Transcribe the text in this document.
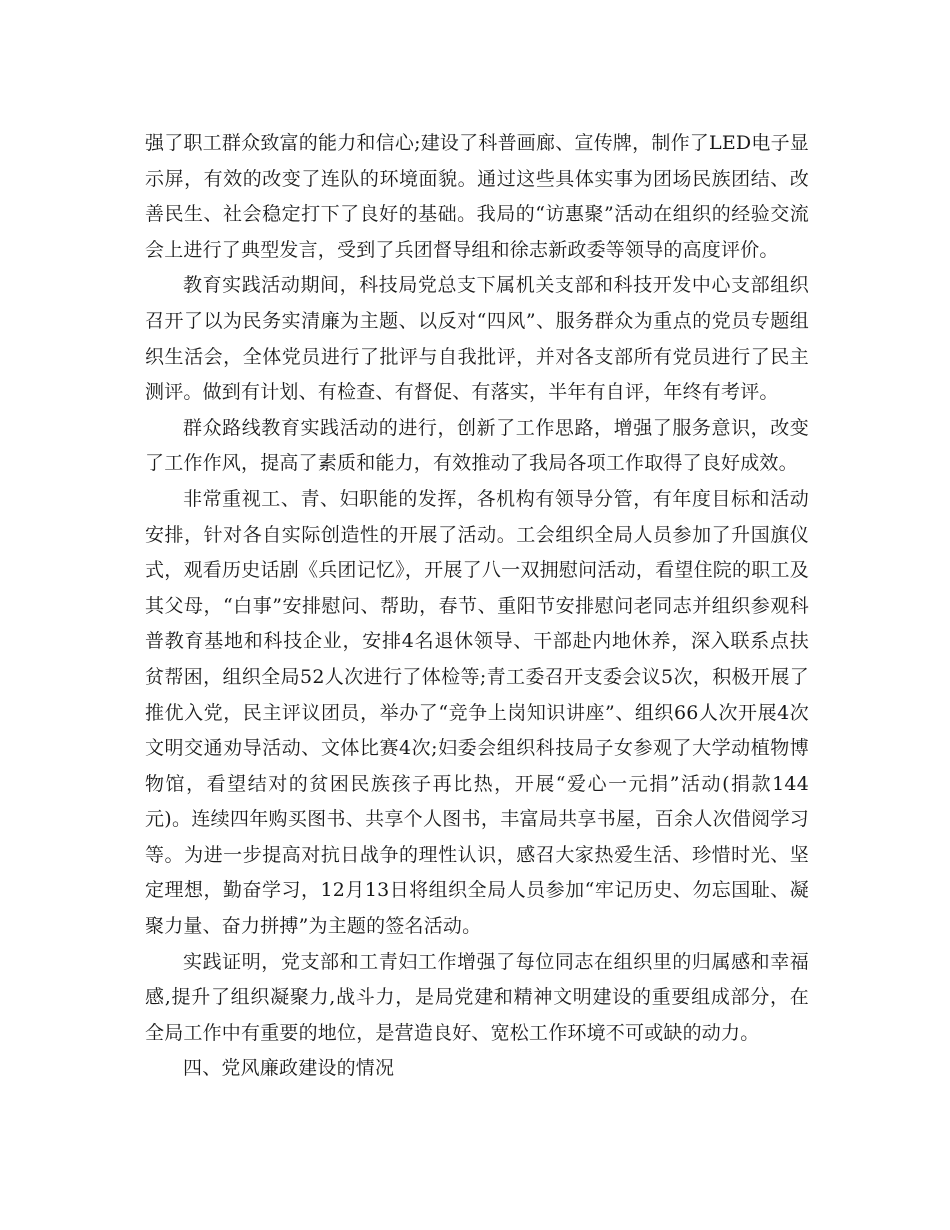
强了职工群众致富的能力和信心;建设了科普画廊、宣传牌，制作了LED电子显示屏，有效的改变了连队的环境面貌。通过这些具体实事为团场民族团结、改善民生、社会稳定打下了良好的基础。我局的“访惠聚”活动在组织的经验交流会上进行了典型发言，受到了兵团督导组和徐志新政委等领导的高度评价。

教育实践活动期间，科技局党总支下属机关支部和科技开发中心支部组织召开了以为民务实清廉为主题、以反对“四风”、服务群众为重点的党员专题组织生活会，全体党员进行了批评与自我批评，并对各支部所有党员进行了民主测评。做到有计划、有检查、有督促、有落实，半年有自评，年终有考评。

群众路线教育实践活动的进行，创新了工作思路，增强了服务意识，改变了工作作风，提高了素质和能力，有效推动了我局各项工作取得了良好成效。

非常重视工、青、妇职能的发挥，各机构有领导分管，有年度目标和活动安排，针对各自实际创造性的开展了活动。工会组织全局人员参加了升国旗仪式，观看历史话剧《兵团记忆》，开展了八一双拥慰问活动，看望住院的职工及其父母，“白事”安排慰问、帮助，春节、重阳节安排慰问老同志并组织参观科普教育基地和科技企业，安排4名退休领导、干部赴内地休养，深入联系点扶贫帮困，组织全局52人次进行了体检等;青工委召开支委会议5次，积极开展了推优入党，民主评议团员，举办了“竞争上岗知识讲座”、组织66人次开展4次文明交通劝导活动、文体比赛4次;妇委会组织科技局子女参观了大学动植物博物馆，看望结对的贫困民族孩子再比热，开展“爱心一元捐”活动(捐款144元)。连续四年购买图书、共享个人图书，丰富局共享书屋，百余人次借阅学习等。为进一步提高对抗日战争的理性认识，感召大家热爱生活、珍惜时光、坚定理想，勤奋学习，12月13日将组织全局人员参加“牢记历史、勿忘国耻、凝聚力量、奋力拼搏”为主题的签名活动。

实践证明，党支部和工青妇工作增强了每位同志在组织里的归属感和幸福感,提升了组织凝聚力,战斗力，是局党建和精神文明建设的重要组成部分，在全局工作中有重要的地位，是营造良好、宽松工作环境不可或缺的动力。

四、党风廉政建设的情况
